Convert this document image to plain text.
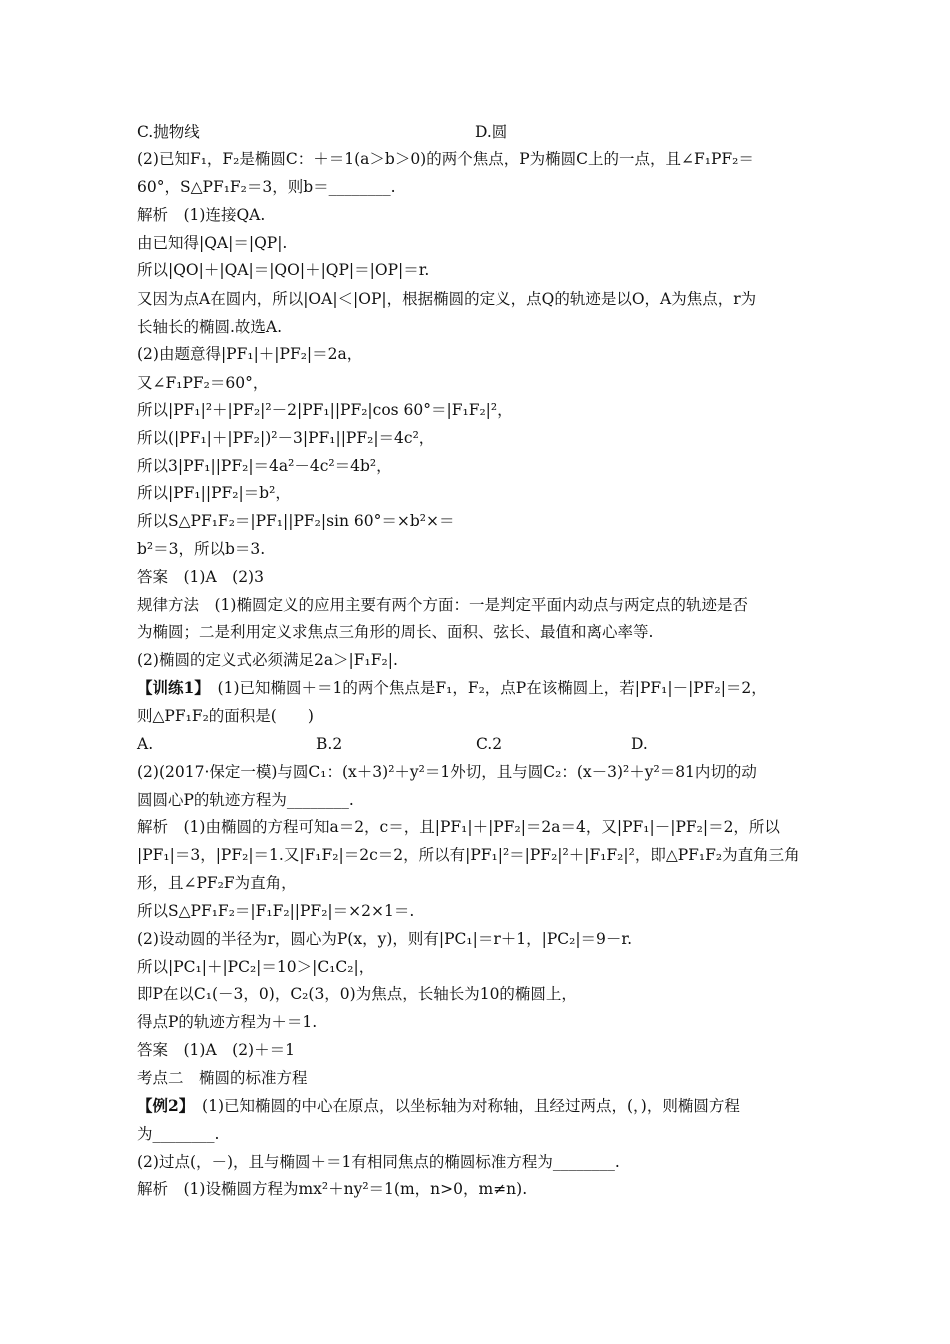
C.抛物线	D.圆
(2)已知F₁，F₂是椭圆C：＋＝1(a＞b＞0)的两个焦点，P为椭圆C上的一点，且∠F₁PF₂＝
60°，S△PF₁F₂＝3，则b＝________.
解析　(1)连接QA.
由已知得|QA|＝|QP|.
所以|QO|＋|QA|＝|QO|＋|QP|＝|OP|＝r.
又因为点A在圆内，所以|OA|＜|OP|，根据椭圆的定义，点Q的轨迹是以O，A为焦点，r为
长轴长的椭圆.故选A.
(2)由题意得|PF₁|＋|PF₂|＝2a，
又∠F₁PF₂＝60°，
所以|PF₁|²＋|PF₂|²－2|PF₁||PF₂|cos 60°＝|F₁F₂|²，
所以(|PF₁|＋|PF₂|)²－3|PF₁||PF₂|＝4c²，
所以3|PF₁||PF₂|＝4a²－4c²＝4b²，
所以|PF₁||PF₂|＝b²，
所以S△PF₁F₂＝|PF₁||PF₂|sin 60°＝×b²×＝
b²＝3，所以b＝3.
答案　(1)A　(2)3
规律方法　(1)椭圆定义的应用主要有两个方面：一是判定平面内动点与两定点的轨迹是否
为椭圆；二是利用定义求焦点三角形的周长、面积、弦长、最值和离心率等.
(2)椭圆的定义式必须满足2a＞|F₁F₂|.
【训练1】　(1)已知椭圆＋＝1的两个焦点是F₁，F₂，点P在该椭圆上，若|PF₁|－|PF₂|＝2，
则△PF₁F₂的面积是(　　)
A.	B.2	C.2	D.
(2)(2017·保定一模)与圆C₁：(x＋3)²＋y²＝1外切，且与圆C₂：(x－3)²＋y²＝81内切的动
圆圆心P的轨迹方程为________.
解析　(1)由椭圆的方程可知a＝2，c＝，且|PF₁|＋|PF₂|＝2a＝4，又|PF₁|－|PF₂|＝2，所以
|PF₁|＝3，|PF₂|＝1.又|F₁F₂|＝2c＝2，所以有|PF₁|²＝|PF₂|²＋|F₁F₂|²，即△PF₁F₂为直角三角
形，且∠PF₂F为直角，
所以S△PF₁F₂＝|F₁F₂||PF₂|＝×2×1＝.
(2)设动圆的半径为r，圆心为P(x，y)，则有|PC₁|＝r＋1，|PC₂|＝9－r.
所以|PC₁|＋|PC₂|＝10＞|C₁C₂|，
即P在以C₁(－3，0)，C₂(3，0)为焦点，长轴长为10的椭圆上，
得点P的轨迹方程为＋＝1.
答案　(1)A　(2)＋＝1
考点二　椭圆的标准方程
【例2】　(1)已知椭圆的中心在原点，以坐标轴为对称轴，且经过两点，(，)，则椭圆方程
为________.
(2)过点(，－)，且与椭圆＋＝1有相同焦点的椭圆标准方程为________.
解析　(1)设椭圆方程为mx²＋ny²＝1(m，n>0，m≠n).
